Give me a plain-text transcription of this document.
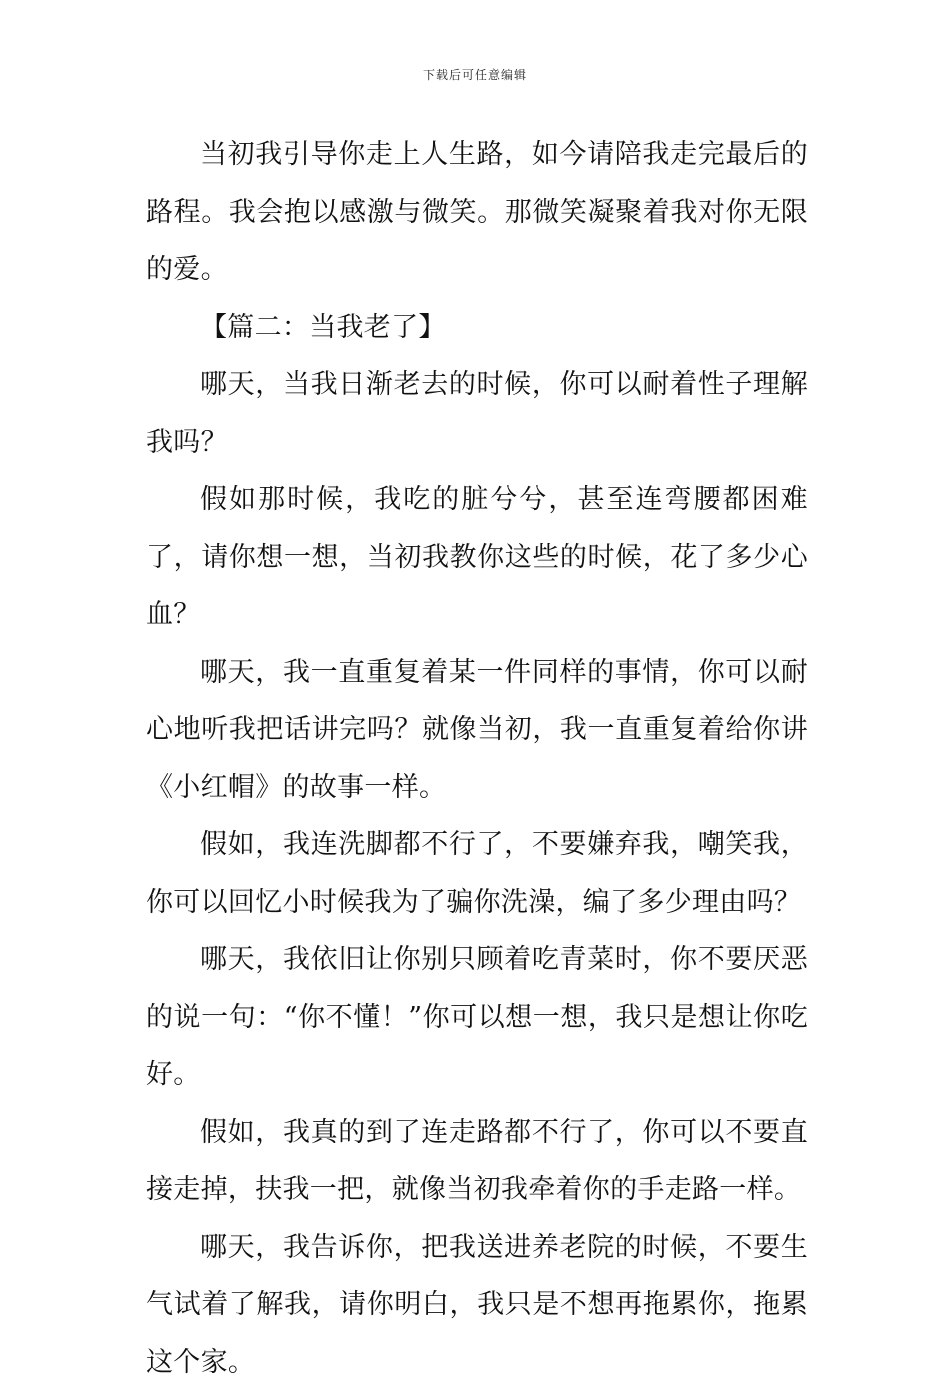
下载后可任意编辑

当初我引导你走上人生路，如今请陪我走完最后的路程。我会抱以感激与微笑。那微笑凝聚着我对你无限的爱。

【篇二：当我老了】

哪天，当我日渐老去的时候，你可以耐着性子理解我吗？

假如那时候，我吃的脏兮兮，甚至连弯腰都困难了，请你想一想，当初我教你这些的时候，花了多少心血？

哪天，我一直重复着某一件同样的事情，你可以耐心地听我把话讲完吗？就像当初，我一直重复着给你讲《小红帽》的故事一样。

假如，我连洗脚都不行了，不要嫌弃我，嘲笑我，你可以回忆小时候我为了骗你洗澡，编了多少理由吗？

哪天，我依旧让你别只顾着吃青菜时，你不要厌恶的说一句：“你不懂！”你可以想一想，我只是想让你吃好。

假如，我真的到了连走路都不行了，你可以不要直接走掉，扶我一把，就像当初我牵着你的手走路一样。

哪天，我告诉你，把我送进养老院的时候，不要生气试着了解我，请你明白，我只是不想再拖累你，拖累这个家。
